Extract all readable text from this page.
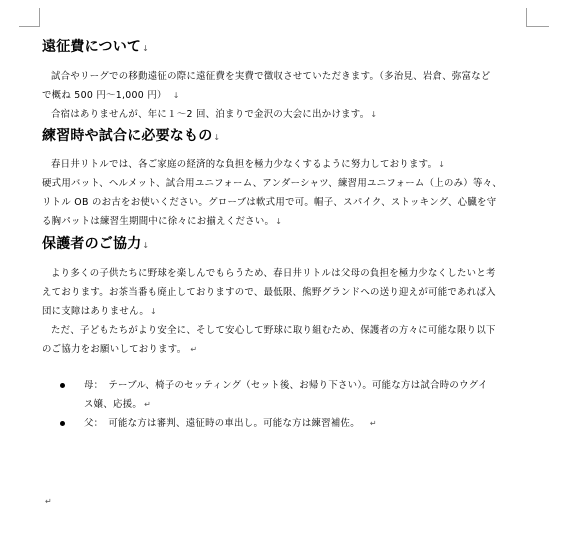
遠征費について↓

試合やリーグでの移動遠征の際に遠征費を実費で徴収させていただきます。（多治見、岩倉、弥富など

で概ね 500 円～1,000 円） ↓

合宿はありませんが、年に１～2 回、泊まりで金沢の大会に出かけます。↓

練習時や試合に必要なもの↓

春日井リトルでは、各ご家庭の経済的な負担を極力少なくするように努力しております。↓

硬式用バット、ヘルメット、試合用ユニフォーム、アンダーシャツ、練習用ユニフォーム（上のみ）等々、

リトル OB のお古をお使いください。グローブは軟式用で可。帽子、スパイク、ストッキング、心臓を守

る胸パットは練習生期間中に徐々にお揃えください。↓

保護者のご協力↓

より多くの子供たちに野球を楽しんでもらうため、春日井リトルは父母の負担を極力少なくしたいと考

えております。お茶当番も廃止しておりますので、最低限、熊野グランドへの送り迎えが可能であれば入

団に支障はありません。↓

ただ、子どもたちがより安全に、そして安心して野球に取り組むため、保護者の方々に可能な限り以下

のご協力をお願いしております。 ↵

母：　テーブル、椅子のセッティング（セット後、お帰り下さい）。可能な方は試合時のウグイ
ス嬢、応援。 ↵
父：　可能な方は審判、遠征時の車出し。可能な方は練習補佐。 ↵
↵
